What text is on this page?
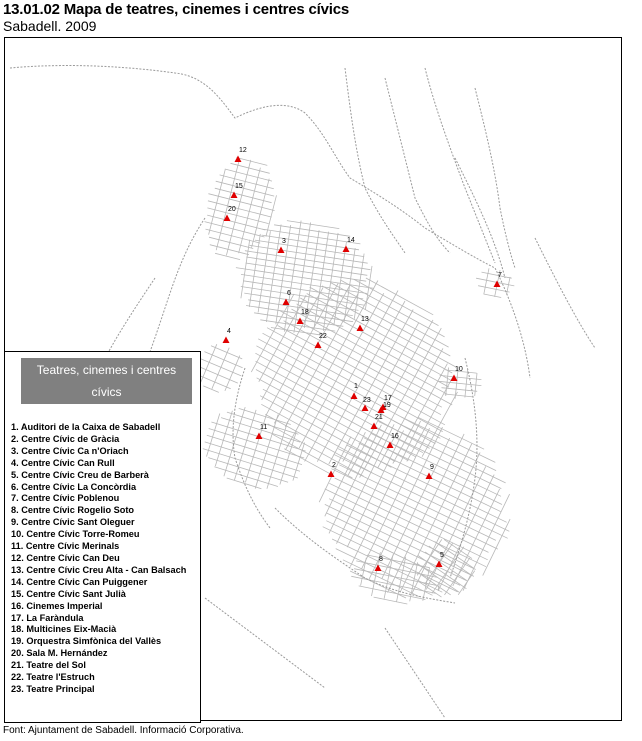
13.01.02 Mapa de teatres, cinemes i centres cívics
Sabadell. 2009
1
2
3
4
5
6
7
8
9
10
11
12
13
14
15
16
17
18
19
20
21
22
23
Teatres, cinemes i centres cívics
1. Auditori de la Caixa de Sabadell
2. Centre Cívic de Gràcia
3. Centre Cívic Ca n'Oriach
4. Centre Cívic Can Rull
5. Centre Cívic Creu de Barberà
6. Centre Cívic La Concòrdia
7. Centre Cívic Poblenou
8. Centre Cívic Rogelio Soto
9. Centre Cívic Sant Oleguer
10. Centre Cívic Torre-Romeu
11. Centre Cívic Merinals
12. Centre Cívic Can Deu
13. Centre Cívic Creu Alta - Can Balsach
14. Centre Cívic Can Puiggener
15. Centre Cívic Sant Julià
16. Cinemes Imperial
17. La Faràndula
18. Multicines Eix-Macià
19. Orquestra Simfònica del Vallès
20. Sala M. Hernández
21. Teatre del Sol
22. Teatre l'Estruch
23. Teatre Principal
Font: Ajuntament de Sabadell. Informació Corporativa.
